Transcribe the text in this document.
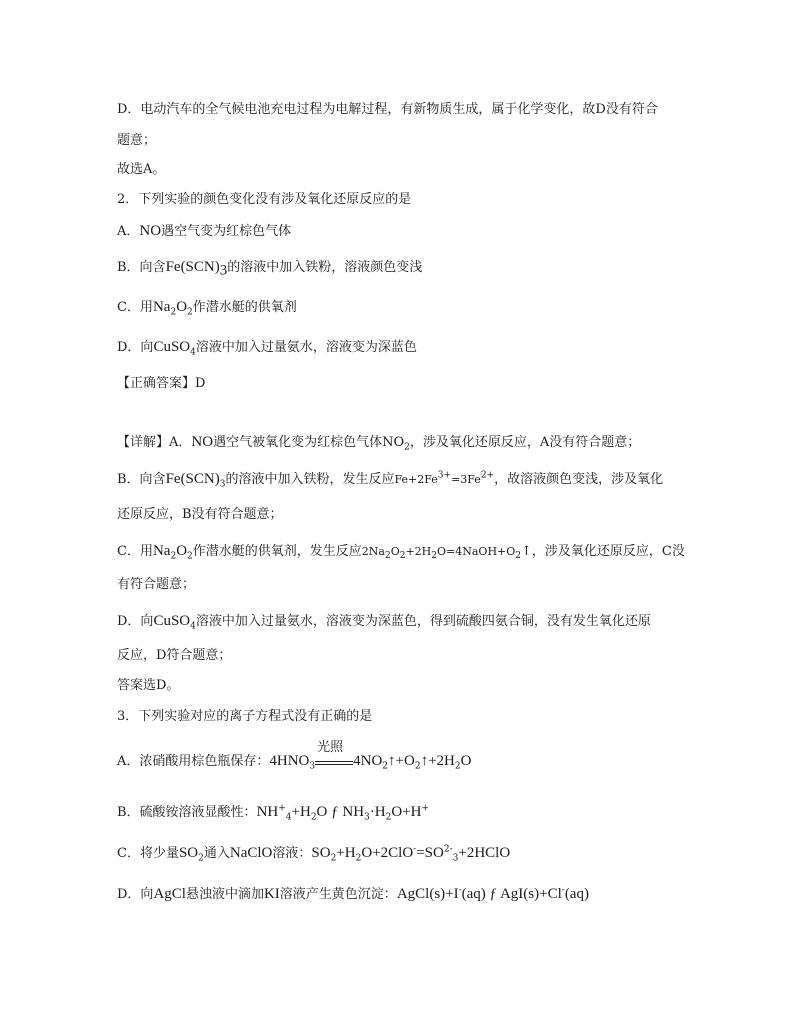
D．电动汽车的全气候电池充电过程为电解过程，有新物质生成，属于化学变化，故D没有符合
题意；
故选A。
2．下列实验的颜色变化没有涉及氧化还原反应的是
A．NO遇空气变为红棕色气体
B．向含$Fe(SCN)_3$的溶液中加入铁粉，溶液颜色变浅
C．用$Na_2O_2$作潜水艇的供氧剂
D．向CuSO$_4$溶液中加入过量氨水，溶液变为深蓝色
【正确答案】D
【详解】A．NO遇空气被氧化变为红棕色气体$NO_2$，涉及氧化还原反应，A没有符合题意；
B．向含$Fe(SCN)_3$的溶液中加入铁粉，发生反应$Fe+2Fe^{3+}=3Fe^{2+}$，故溶液颜色变浅，涉及氧化
还原反应，B没有符合题意；
C．用$Na_2O_2$作潜水艇的供氧剂，发生反应$2Na_2O_2+2H_2O=4NaOH+O_2↑$，涉及氧化还原反应，C没
有符合题意；
D．向CuSO$_4$溶液中加入过量氨水，溶液变为深蓝色，得到硫酸四氨合铜，没有发生氧化还原
反应，D符合题意；
答案选D。
3．下列实验对应的离子方程式没有正确的是
A．浓硝酸用棕色瓶保存：$4HNO_3$
光照
$4NO_2↑+O_2↑+2H_2O$
B．硫酸铵溶液显酸性：$NH^+_4+H_2O$ ƒ $NH_3\cdot H_2O+H^+$
C．将少量$SO_2$通入NaClO溶液：$SO_2+H_2O+2ClO^-=SO^{2-}_3+2HClO$
D．向AgCl悬浊液中滴加KI溶液产生黄色沉淀：AgCl(s)+I-(aq) ƒ AgI(s)+Cl-(aq)
